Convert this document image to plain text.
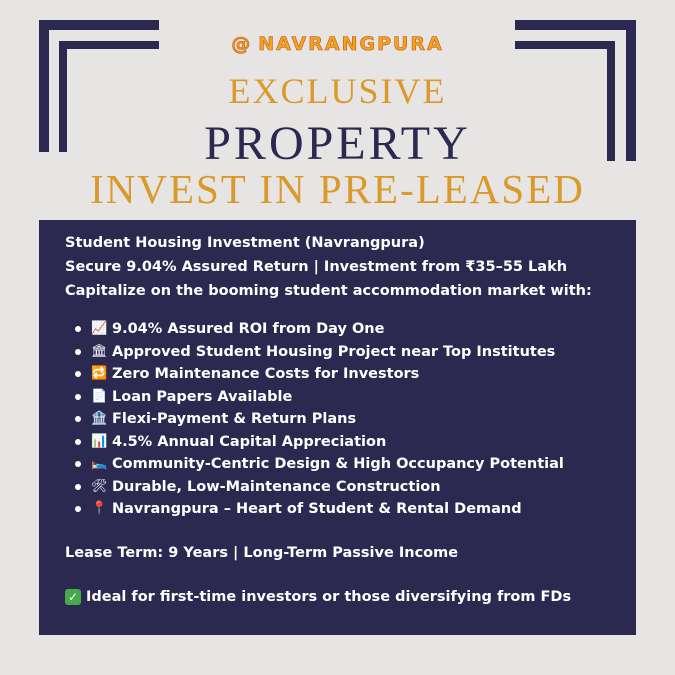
@ NAVRANGPURA
EXCLUSIVE
PROPERTY
INVEST IN PRE-LEASED
Student Housing Investment (Navrangpura)
Secure 9.04% Assured Return | Investment from ₹35–55 Lakh
Capitalize on the booming student accommodation market with:
📈 9.04% Assured ROI from Day One
🏛 Approved Student Housing Project near Top Institutes
🔁 Zero Maintenance Costs for Investors
📄 Loan Papers Available
🏦 Flexi-Payment & Return Plans
📊 4.5% Annual Capital Appreciation
🛌 Community-Centric Design & High Occupancy Potential
🛠 Durable, Low-Maintenance Construction
📍 Navrangpura – Heart of Student & Rental Demand
Lease Term: 9 Years | Long-Term Passive Income
✓ Ideal for first-time investors or those diversifying from FDs
